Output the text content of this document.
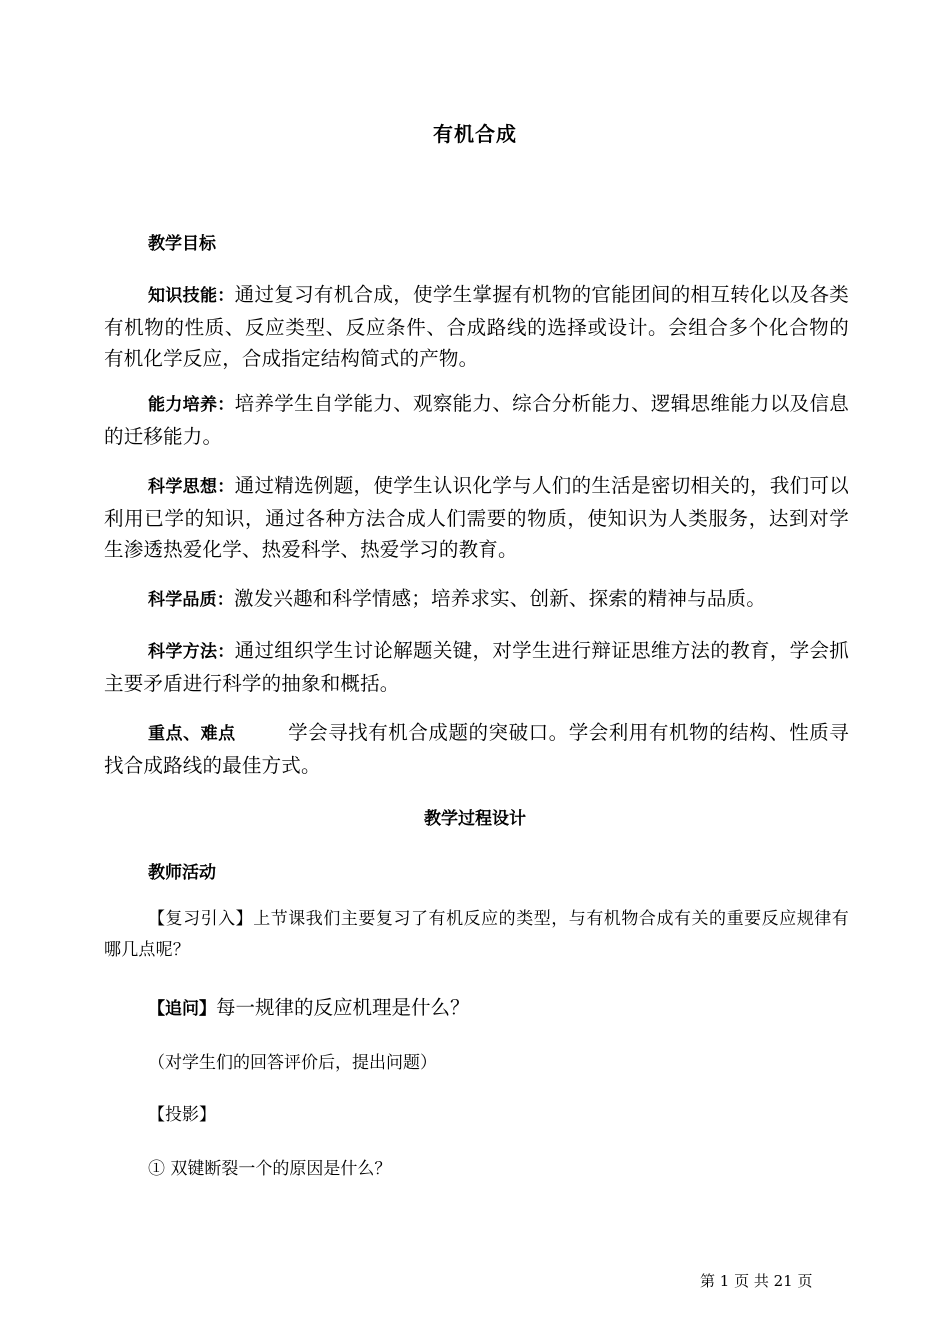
有机合成
教学目标
知识技能：通过复习有机合成，使学生掌握有机物的官能团间的相互转化以及各类有机物的性质、反应类型、反应条件、合成路线的选择或设计。会组合多个化合物的有机化学反应，合成指定结构简式的产物。
能力培养：培养学生自学能力、观察能力、综合分析能力、逻辑思维能力以及信息的迁移能力。
科学思想：通过精选例题，使学生认识化学与人们的生活是密切相关的，我们可以利用已学的知识，通过各种方法合成人们需要的物质，使知识为人类服务，达到对学生渗透热爱化学、热爱科学、热爱学习的教育。
科学品质：激发兴趣和科学情感；培养求实、创新、探索的精神与品质。
科学方法：通过组织学生讨论解题关键，对学生进行辩证思维方法的教育，学会抓主要矛盾进行科学的抽象和概括。
重点、难点	学会寻找有机合成题的突破口。学会利用有机物的结构、性质寻找合成路线的最佳方式。
教学过程设计
教师活动
【复习引入】上节课我们主要复习了有机反应的类型，与有机物合成有关的重要反应规律有哪几点呢？
【追问】每一规律的反应机理是什么？
（对学生们的回答评价后，提出问题）
【投影】
① 双键断裂一个的原因是什么？
第 1 页 共 21 页
